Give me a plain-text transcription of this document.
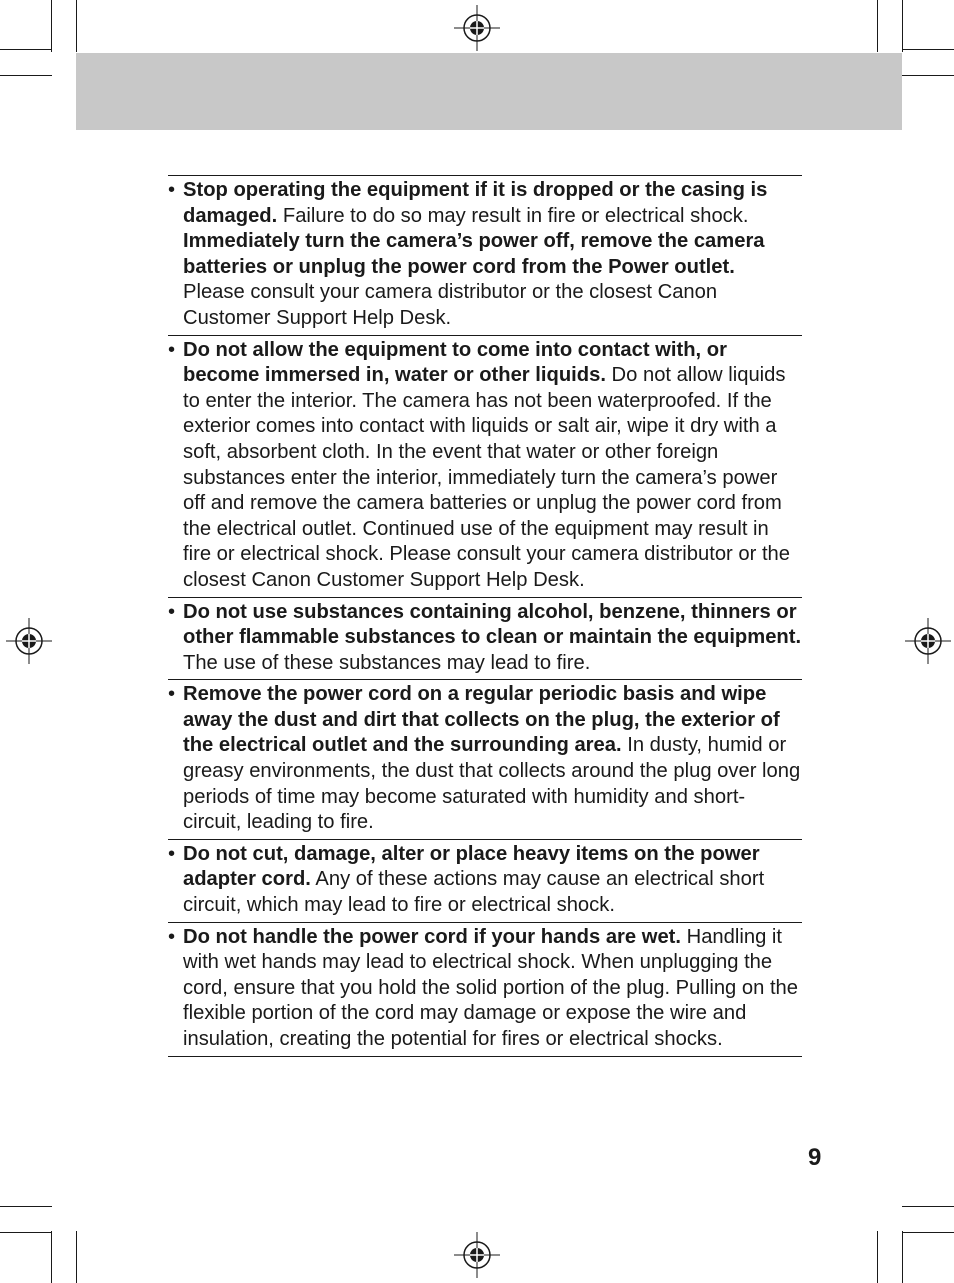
• Stop operating the equipment if it is dropped or the casing is damaged. Failure to do so may result in fire or electrical shock. Immediately turn the camera’s power off, remove the camera batteries or unplug the power cord from the Power outlet. Please consult your camera distributor or the closest Canon Customer Support Help Desk.
• Do not allow the equipment to come into contact with, or become immersed in, water or other liquids. Do not allow liquids to enter the interior. The camera has not been waterproofed. If the exterior comes into contact with liquids or salt air, wipe it dry with a soft, absorbent cloth. In the event that water or other foreign substances enter the interior, immediately turn the camera’s power off and remove the camera batteries or unplug the power cord from the electrical outlet. Continued use of the equipment may result in fire or electrical shock. Please consult your camera distributor or the closest Canon Customer Support Help Desk.
• Do not use substances containing alcohol, benzene, thinners or other flammable substances to clean or maintain the equipment. The use of these substances may lead to fire.
• Remove the power cord on a regular periodic basis and wipe away the dust and dirt that collects on the plug, the exterior of the electrical outlet and the surrounding area. In dusty, humid or greasy environments, the dust that collects around the plug over long periods of time may become saturated with humidity and short-circuit, leading to fire.
• Do not cut, damage, alter or place heavy items on the power adapter cord. Any of these actions may cause an electrical short circuit, which may lead to fire or electrical shock.
• Do not handle the power cord if your hands are wet. Handling it with wet hands may lead to electrical shock. When unplugging the cord, ensure that you hold the solid portion of the plug. Pulling on the flexible portion of the cord may damage or expose the wire and insulation, creating the potential for fires or electrical shocks.
9
